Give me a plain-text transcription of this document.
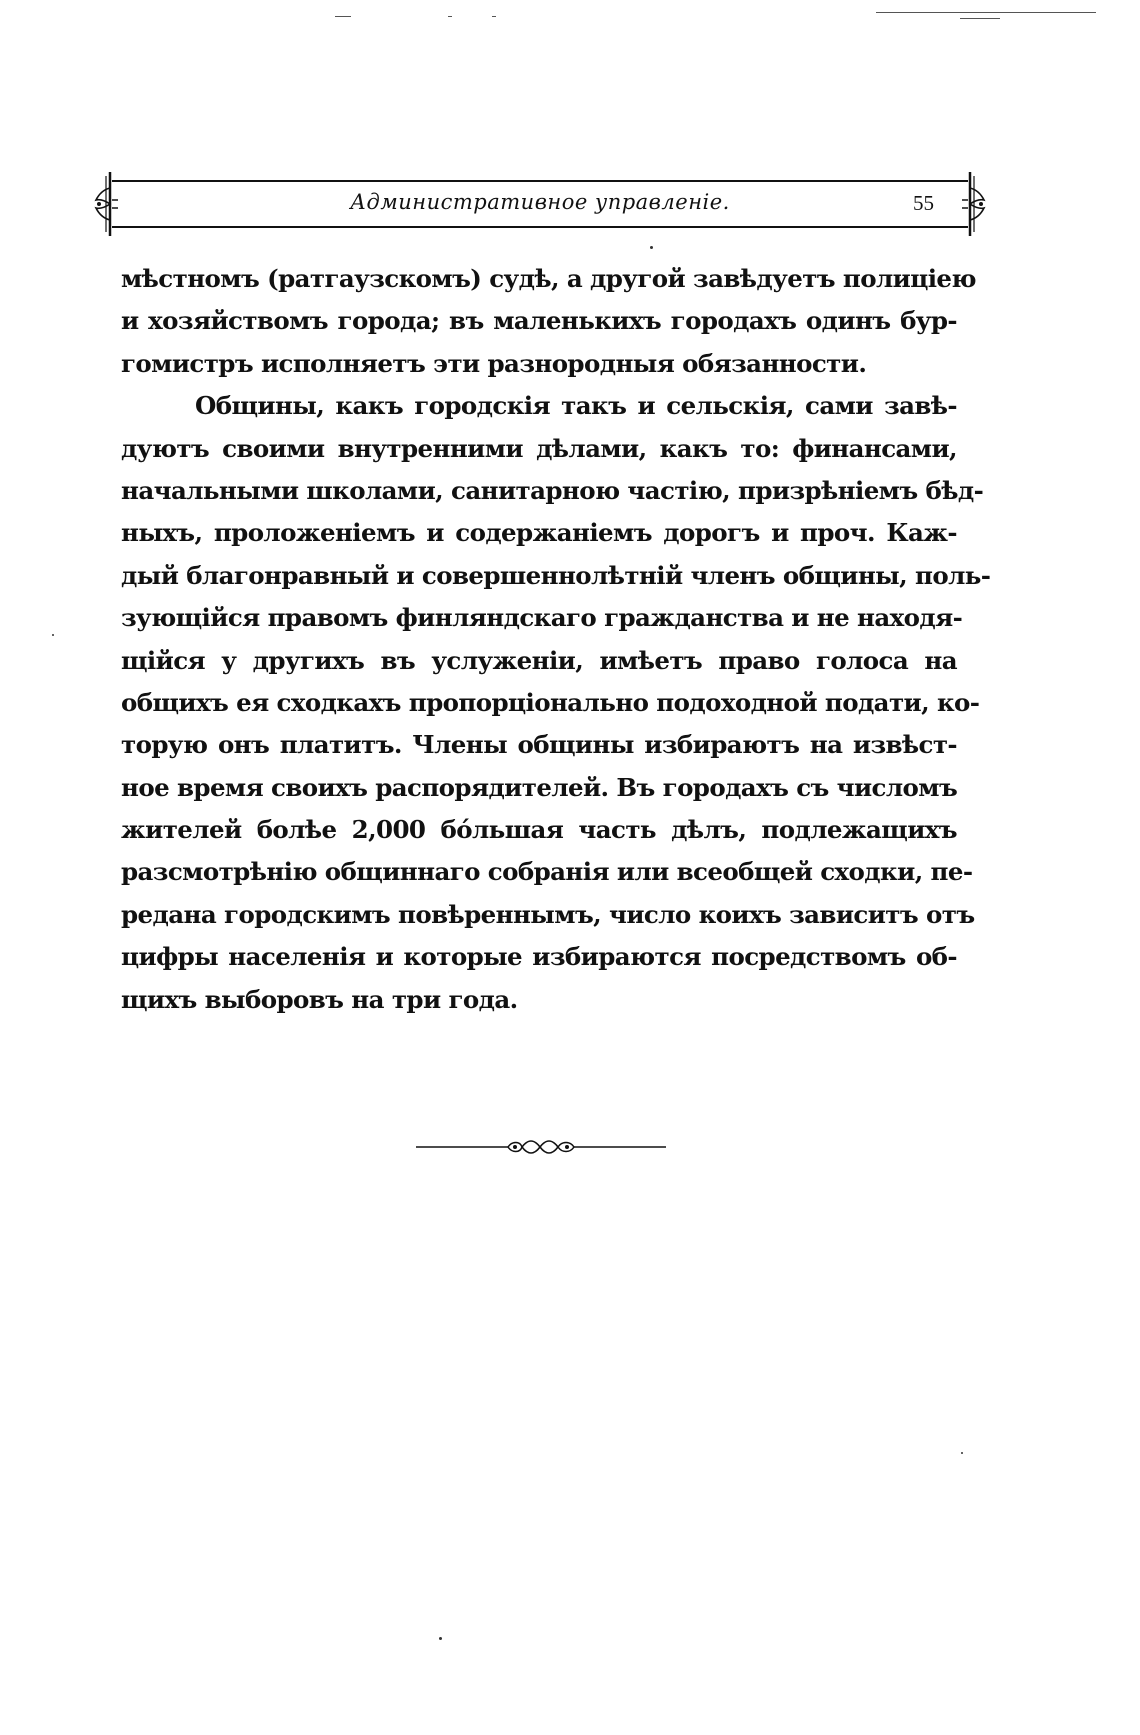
Административное управленіе.	55
мѣстномъ (ратгаузскомъ) судѣ, а другой завѣдуетъ полиціею
и хозяйствомъ города; въ маленькихъ городахъ одинъ бур-
гомистръ исполняетъ эти разнородныя обязанности.
Общины, какъ городскія такъ и сельскія, сами завѣ-
дуютъ своими внутренними дѣлами, какъ то: финансами,
начальными школами, санитарною частію, призрѣніемъ бѣд-
ныхъ, проложеніемъ и содержаніемъ дорогъ и проч. Каж-
дый благонравный и совершеннолѣтній членъ общины, поль-
зующійся правомъ финляндскаго гражданства и не находя-
щійся у другихъ въ услуженіи, имѣетъ право голоса на
общихъ ея сходкахъ пропорціонально подоходной подати, ко-
торую онъ платитъ. Члены общины избираютъ на извѣст-
ное время своихъ распорядителей. Въ городахъ съ числомъ
жителей болѣе 2,000 бо́льшая часть дѣлъ, подлежащихъ
разсмотрѣнію общиннаго собранія или всеобщей сходки, пе-
редана городскимъ повѣреннымъ, число коихъ зависитъ отъ
цифры населенія и которые избираются посредствомъ об-
щихъ выборовъ на три года.
